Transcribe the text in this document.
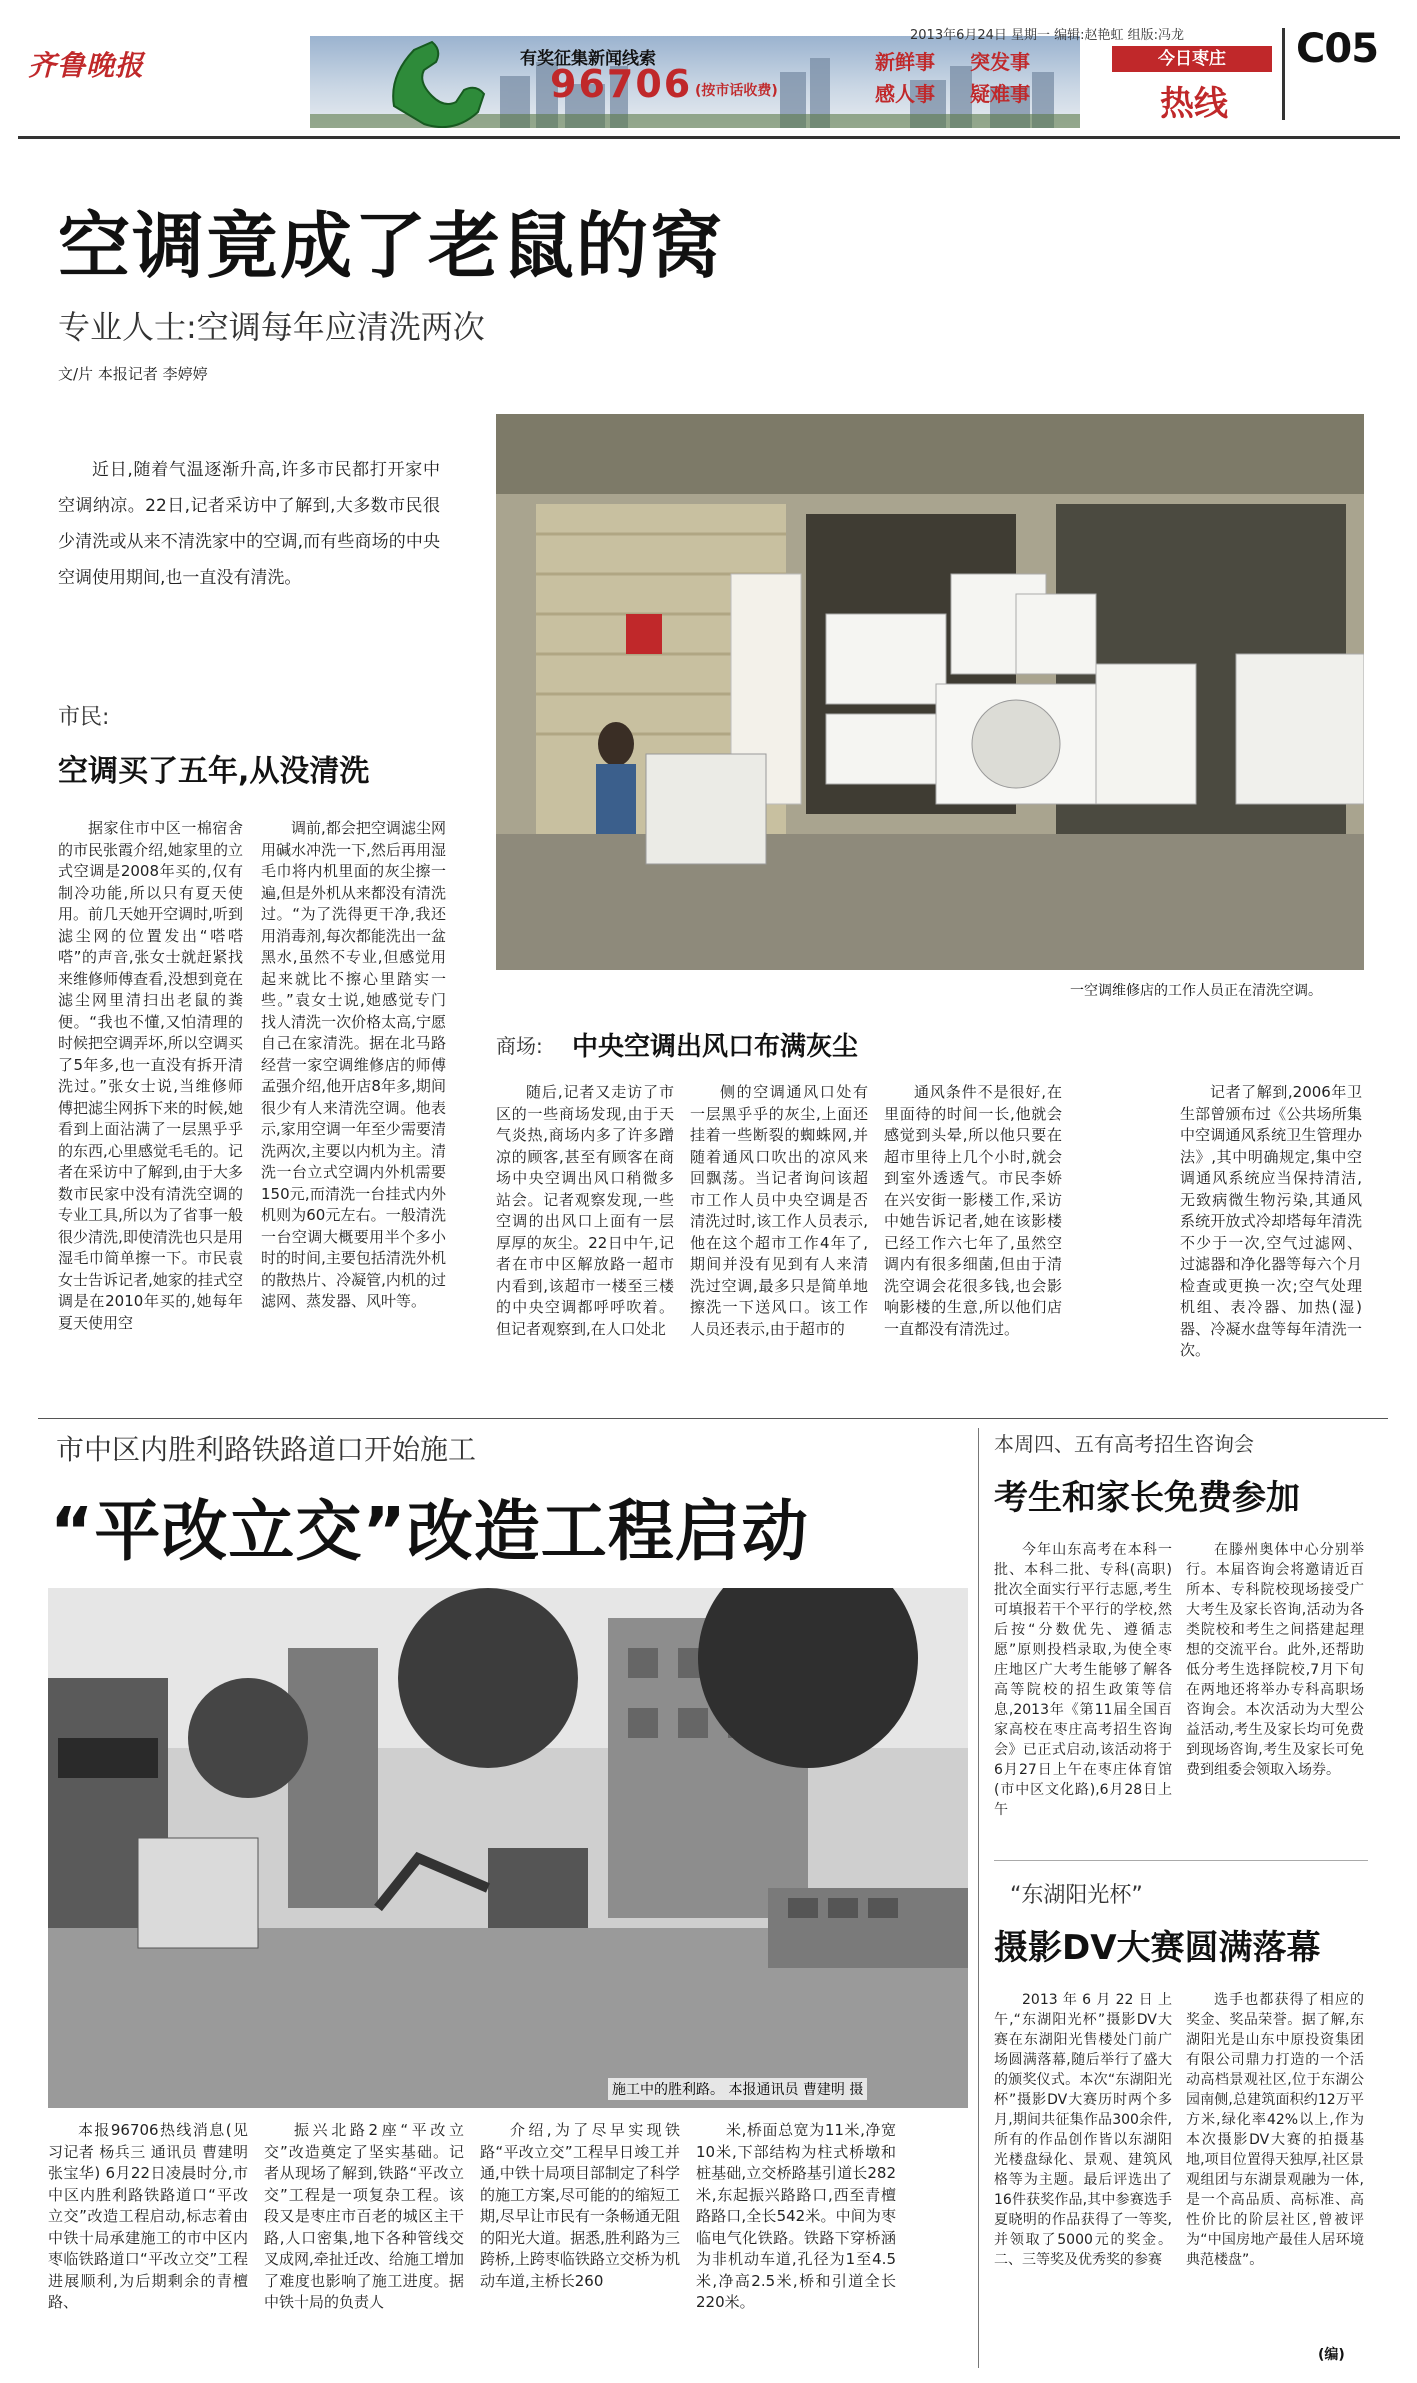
齐鲁晚报	有奖征集新闻线索
96706 (按市话收费)
新鲜事 突发事
感人事 疑难事
2013年6月24日 星期一 编辑:赵艳虹 组版:冯龙
今日枣庄
热线
C05
空调竟成了老鼠的窝
专业人士:空调每年应清洗两次
文/片 本报记者 李婷婷

近日,随着气温逐渐升高,许多市民都打开家中空调纳凉。22日,记者采访中了解到,大多数市民很少清洗或从来不清洗家中的空调,而有些商场的中央空调使用期间,也一直没有清洗。

市民:
空调买了五年,从没清洗

据家住市中区一棉宿舍的市民张霞介绍,她家里的立式空调是2008年买的,仅有制冷功能,所以只有夏天使用。前几天她开空调时,听到滤尘网的位置发出“嗒嗒嗒”的声音,张女士就赶紧找来维修师傅查看,没想到竟在滤尘网里清扫出老鼠的粪便。“我也不懂,又怕清理的时候把空调弄坏,所以空调买了5年多,也一直没有拆开清洗过。”张女士说,当维修师傅把滤尘网拆下来的时候,她看到上面沾满了一层黑乎乎的东西,心里感觉毛毛的。记者在采访中了解到,由于大多数市民家中没有清洗空调的专业工具,所以为了省事一般很少清洗,即使清洗也只是用湿毛巾简单擦一下。市民袁女士告诉记者,她家的挂式空调是在2010年买的,她每年夏天使用空

调前,都会把空调滤尘网用碱水冲洗一下,然后再用湿毛巾将内机里面的灰尘擦一遍,但是外机从来都没有清洗过。“为了洗得更干净,我还用消毒剂,每次都能洗出一盆黑水,虽然不专业,但感觉用起来就比不擦心里踏实一些。”袁女士说,她感觉专门找人清洗一次价格太高,宁愿自己在家清洗。据在北马路经营一家空调维修店的师傅孟强介绍,他开店8年多,期间很少有人来清洗空调。他表示,家用空调一年至少需要清洗两次,主要以内机为主。清洗一台立式空调内外机需要150元,而清洗一台挂式内外机则为60元左右。一般清洗一台空调大概要用半个多小时的时间,主要包括清洗外机的散热片、冷凝管,内机的过滤网、蒸发器、风叶等。

一空调维修店的工作人员正在清洗空调。
商场: 中央空调出风口布满灰尘

随后,记者又走访了市区的一些商场发现,由于天气炎热,商场内多了许多蹭凉的顾客,甚至有顾客在商场中央空调出风口稍微多站会。记者观察发现,一些空调的出风口上面有一层厚厚的灰尘。22日中午,记者在市中区解放路一超市内看到,该超市一楼至三楼的中央空调都呼呼吹着。但记者观察到,在人口处北

侧的空调通风口处有一层黑乎乎的灰尘,上面还挂着一些断裂的蜘蛛网,并随着通风口吹出的凉风来回飘荡。当记者询问该超市工作人员中央空调是否清洗过时,该工作人员表示,他在这个超市工作4年了,期间并没有见到有人来清洗过空调,最多只是简单地擦洗一下送风口。该工作人员还表示,由于超市的

通风条件不是很好,在里面待的时间一长,他就会感觉到头晕,所以他只要在超市里待上几个小时,就会到室外透透气。市民李娇在兴安街一影楼工作,采访中她告诉记者,她在该影楼已经工作六七年了,虽然空调内有很多细菌,但由于清洗空调会花很多钱,也会影响影楼的生意,所以他们店一直都没有清洗过。

记者了解到,2006年卫生部曾颁布过《公共场所集中空调通风系统卫生管理办法》,其中明确规定,集中空调通风系统应当保持清洁,无致病微生物污染,其通风系统开放式冷却塔每年清洗不少于一次,空气过滤网、过滤器和净化器等每六个月检查或更换一次;空气处理机组、表冷器、加热(湿)器、冷凝水盘等每年清洗一次。

市中区内胜利路铁路道口开始施工
“平改立交”改造工程启动
施工中的胜利路。 本报通讯员 曹建明 摄

本报96706热线消息(见习记者 杨兵三 通讯员 曹建明 张宝华) 6月22日凌晨时分,市中区内胜利路铁路道口“平改立交”改造工程启动,标志着由中铁十局承建施工的市中区内枣临铁路道口“平改立交”工程进展顺利,为后期剩余的青檀路、

振兴北路2座“平改立交”改造奠定了坚实基础。记者从现场了解到,铁路“平改立交”工程是一项复杂工程。该段又是枣庄市百老的城区主干路,人口密集,地下各种管线交叉成网,牵扯迁改、给施工增加了难度也影响了施工进度。据中铁十局的负责人

介绍,为了尽早实现铁路“平改立交”工程早日竣工并通,中铁十局项目部制定了科学的施工方案,尽可能的的缩短工期,尽早让市民有一条畅通无阻的阳光大道。据悉,胜利路为三跨桥,上跨枣临铁路立交桥为机动车道,主桥长260

米,桥面总宽为11米,净宽10米,下部结构为柱式桥墩和桩基础,立交桥路基引道长282米,东起振兴路路口,西至青檀路路口,全长542米。中间为枣临电气化铁路。铁路下穿桥涵为非机动车道,孔径为1至4.5米,净高2.5米,桥和引道全长220米。

本周四、五有高考招生咨询会
考生和家长免费参加

今年山东高考在本科一批、本科二批、专科(高职)批次全面实行平行志愿,考生可填报若干个平行的学校,然后按“分数优先、遵循志愿”原则投档录取,为使全枣庄地区广大考生能够了解各高等院校的招生政策等信息,2013年《第11届全国百家高校在枣庄高考招生咨询会》已正式启动,该活动将于6月27日上午在枣庄体育馆(市中区文化路),6月28日上午

在滕州奥体中心分别举行。本届咨询会将邀请近百所本、专科院校现场接受广大考生及家长咨询,活动为各类院校和考生之间搭建起理想的交流平台。此外,还帮助低分考生选择院校,7月下旬在两地还将举办专科高职场咨询会。本次活动为大型公益活动,考生及家长均可免费到现场咨询,考生及家长可免费到组委会领取入场券。

“东湖阳光杯”
摄影DV大赛圆满落幕

2013年6月22日上午,“东湖阳光杯”摄影DV大赛在东湖阳光售楼处门前广场圆满落幕,随后举行了盛大的颁奖仪式。本次“东湖阳光杯”摄影DV大赛历时两个多月,期间共征集作品300余件,所有的作品创作皆以东湖阳光楼盘绿化、景观、建筑风格等为主题。最后评选出了16件获奖作品,其中参赛选手夏晓明的作品获得了一等奖,并领取了5000元的奖金。二、三等奖及优秀奖的参赛

选手也都获得了相应的奖金、奖品荣誉。据了解,东湖阳光是山东中原投资集团有限公司鼎力打造的一个活动高档景观社区,位于东湖公园南侧,总建筑面积约12万平方米,绿化率42%以上,作为本次摄影DV大赛的拍摄基地,项目位置得天独厚,社区景观组团与东湖景观融为一体,是一个高品质、高标准、高性价比的阶层社区,曾被评为“中国房地产最佳人居环境典范楼盘”。

(编)
